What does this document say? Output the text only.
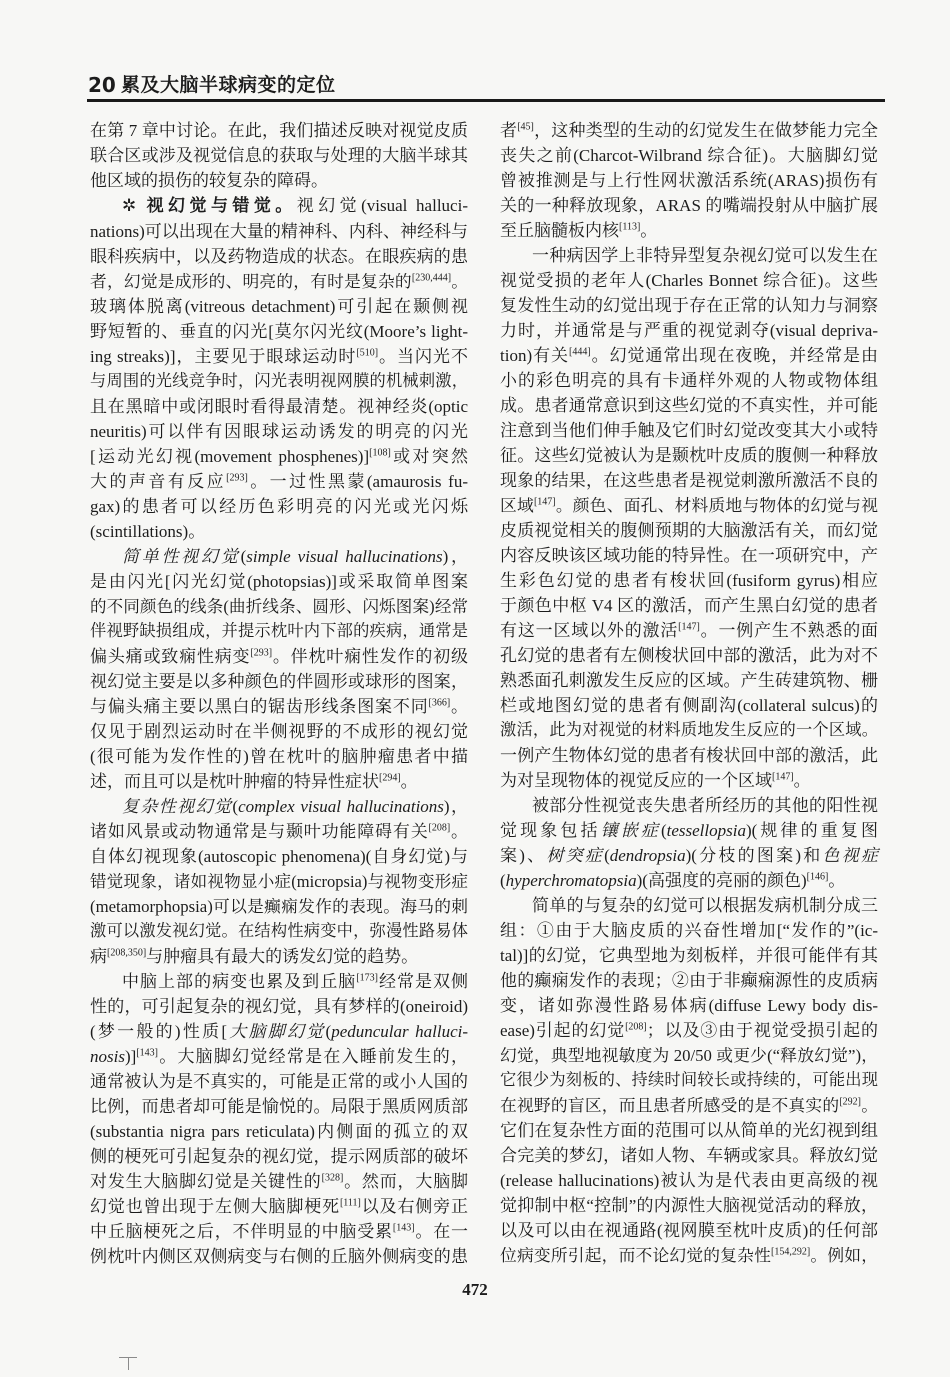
20 累及大脑半球病变的定位
在第 7 章中讨论。在此，我们描述反映对视觉皮质
联合区或涉及视觉信息的获取与处理的大脑半球其
他区域的损伤的较复杂的障碍。
✲ 视幻觉与错觉。视幻觉(visual halluci-
nations)可以出现在大量的精神科、内科、神经科与
眼科疾病中，以及药物造成的状态。在眼疾病的患
者，幻觉是成形的、明亮的，有时是复杂的[230,444]。
玻璃体脱离(vitreous detachment)可引起在颞侧视
野短暂的、垂直的闪光[莫尔闪光纹(Moore’s light-
ing streaks)]，主要见于眼球运动时[510]。当闪光不
与周围的光线竞争时，闪光表明视网膜的机械刺激，
且在黑暗中或闭眼时看得最清楚。视神经炎(optic
neuritis)可以伴有因眼球运动诱发的明亮的闪光
[运动光幻视(movement phosphenes)][108]或对突然
大的声音有反应[293]。一过性黑蒙(amaurosis fu-
gax)的患者可以经历色彩明亮的闪光或光闪烁
(scintillations)。
简单性视幻觉(simple visual hallucinations)，
是由闪光[闪光幻觉(photopsias)]或采取简单图案
的不同颜色的线条(曲折线条、圆形、闪烁图案)经常
伴视野缺损组成，并提示枕叶内下部的疾病，通常是
偏头痛或致痫性病变[293]。伴枕叶痫性发作的初级
视幻觉主要是以多种颜色的伴圆形或球形的图案，
与偏头痛主要以黑白的锯齿形线条图案不同[366]。
仅见于剧烈运动时在半侧视野的不成形的视幻觉
(很可能为发作性的)曾在枕叶的脑肿瘤患者中描
述，而且可以是枕叶肿瘤的特异性症状[294]。
复杂性视幻觉(complex visual hallucinations)，
诸如风景或动物通常是与颞叶功能障碍有关[208]。
自体幻视现象(autoscopic phenomena)(自身幻觉)与
错觉现象，诸如视物显小症(micropsia)与视物变形症
(metamorphopsia)可以是癫痫发作的表现。海马的刺
激可以激发视幻觉。在结构性病变中，弥漫性路易体
病[208,350]与肿瘤具有最大的诱发幻觉的趋势。
中脑上部的病变也累及到丘脑[173]经常是双侧
性的，可引起复杂的视幻觉，具有梦样的(oneiroid)
(梦一般的)性质[大脑脚幻觉(peduncular halluci-
nosis)][143]。大脑脚幻觉经常是在入睡前发生的，
通常被认为是不真实的，可能是正常的或小人国的
比例，而患者却可能是愉悦的。局限于黑质网质部
(substantia nigra pars reticulata)内侧面的孤立的双
侧的梗死可引起复杂的视幻觉，提示网质部的破坏
对发生大脑脚幻觉是关键性的[328]。然而，大脑脚
幻觉也曾出现于左侧大脑脚梗死[111]以及右侧旁正
中丘脑梗死之后，不伴明显的中脑受累[143]。在一
例枕叶内侧区双侧病变与右侧的丘脑外侧病变的患
者[45]，这种类型的生动的幻觉发生在做梦能力完全
丧失之前(Charcot-Wilbrand 综合征)。大脑脚幻觉
曾被推测是与上行性网状激活系统(ARAS)损伤有
关的一种释放现象，ARAS 的嘴端投射从中脑扩展
至丘脑髓板内核[113]。
一种病因学上非特异型复杂视幻觉可以发生在
视觉受损的老年人(Charles Bonnet 综合征)。这些
复发性生动的幻觉出现于存在正常的认知力与洞察
力时，并通常是与严重的视觉剥夺(visual depriva-
tion)有关[444]。幻觉通常出现在夜晚，并经常是由
小的彩色明亮的具有卡通样外观的人物或物体组
成。患者通常意识到这些幻觉的不真实性，并可能
注意到当他们伸手触及它们时幻觉改变其大小或特
征。这些幻觉被认为是颞枕叶皮质的腹侧一种释放
现象的结果，在这些患者是视觉刺激所激活不良的
区域[147]。颜色、面孔、材料质地与物体的幻觉与视
皮质视觉相关的腹侧预期的大脑激活有关，而幻觉
内容反映该区域功能的特异性。在一项研究中，产
生彩色幻觉的患者有梭状回(fusiform gyrus)相应
于颜色中枢 V4 区的激活，而产生黑白幻觉的患者
有这一区域以外的激活[147]。一例产生不熟悉的面
孔幻觉的患者有左侧梭状回中部的激活，此为对不
熟悉面孔刺激发生反应的区域。产生砖建筑物、栅
栏或地图幻觉的患者有侧副沟(collateral sulcus)的
激活，此为对视觉的材料质地发生反应的一个区域。
一例产生物体幻觉的患者有梭状回中部的激活，此
为对呈现物体的视觉反应的一个区域[147]。
被部分性视觉丧失患者所经历的其他的阳性视
觉现象包括镶嵌症(tessellopsia)(规律的重复图
案)、树突症(dendropsia)(分枝的图案)和色视症
(hyperchromatopsia)(高强度的亮丽的颜色)[146]。
简单的与复杂的幻觉可以根据发病机制分成三
组：①由于大脑皮质的兴奋性增加[“发作的”(ic-
tal)]的幻觉，它典型地为刻板样，并很可能伴有其
他的癫痫发作的表现；②由于非癫痫源性的皮质病
变，诸如弥漫性路易体病(diffuse Lewy body dis-
ease)引起的幻觉[208]；以及③由于视觉受损引起的
幻觉，典型地视敏度为 20/50 或更少(“释放幻觉”)，
它很少为刻板的、持续时间较长或持续的，可能出现
在视野的盲区，而且患者所感受的是不真实的[292]。
它们在复杂性方面的范围可以从简单的光幻视到组
合完美的梦幻，诸如人物、车辆或家具。释放幻觉
(release hallucinations)被认为是代表由更高级的视
觉抑制中枢“控制”的内源性大脑视觉活动的释放，
以及可以由在视通路(视网膜至枕叶皮质)的任何部
位病变所引起，而不论幻觉的复杂性[154,292]。例如，
472
